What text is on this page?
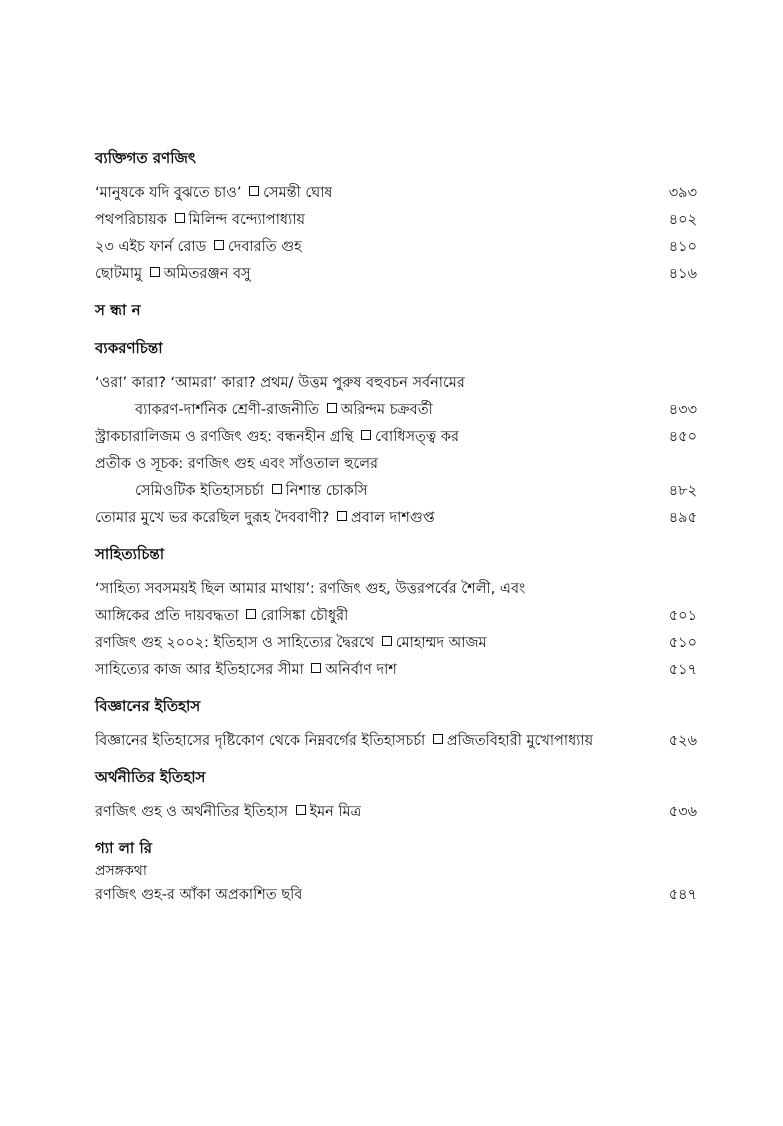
ব্যক্তিগত রণজিৎ
‘মানুষকে যদি বুঝতে চাও’ সেমন্তী ঘোষ	৩৯৩
পথপরিচায়ক মিলিন্দ বন্দ্যোপাধ্যায়	৪০২
২৩ এইচ ফার্ন রোড দেবারতি গুহ	৪১০
ছোটমামু অমিতরঞ্জন বসু	৪১৬
স ন্ধা ন
ব্যকরণচিন্তা
‘ওরা’ কারা? ‘আমরা’ কারা? প্রথম/ উত্তম পুরুষ বহুবচন সর্বনামের
ব্যাকরণ-দার্শনিক শ্রেণী-রাজনীতি অরিন্দম চক্রবর্তী	৪৩৩
স্ট্রাকচারালিজম ও রণজিৎ গুহ: বন্ধনহীন গ্রন্থি বোধিসত্ত্ব কর	৪৫০
প্রতীক ও সূচক: রণজিৎ গুহ এবং সাঁওতাল হুলের
সেমিওটিক ইতিহাসচর্চা নিশান্ত চোকসি	৪৮২
তোমার মুখে ভর করেছিল দুরূহ দৈববাণী? প্রবাল দাশগুপ্ত	৪৯৫
সাহিত্যচিন্তা
‘সাহিত্য সবসময়ই ছিল আমার মাথায়’: রণজিৎ গুহ, উত্তরপর্বের শৈলী, এবং
আঙ্গিকের প্রতি দায়বদ্ধতা রোসিঙ্কা চৌধুরী	৫০১
রণজিৎ গুহ ২০০২: ইতিহাস ও সাহিত্যের দ্বৈরথে মোহাম্মদ আজম	৫১০
সাহিত্যের কাজ আর ইতিহাসের সীমা অনির্বাণ দাশ	৫১৭
বিজ্ঞানের ইতিহাস
বিজ্ঞানের ইতিহাসের দৃষ্টিকোণ থেকে নিম্নবর্গের ইতিহাসচর্চা প্রজিতবিহারী মুখোপাধ্যায়	৫২৬
অর্থনীতির ইতিহাস
রণজিৎ গুহ ও অর্থনীতির ইতিহাস ইমন মিত্র	৫৩৬
গ্যা লা রি
প্রসঙ্গকথা
রণজিৎ গুহ-র আঁকা অপ্রকাশিত ছবি	৫৪৭
